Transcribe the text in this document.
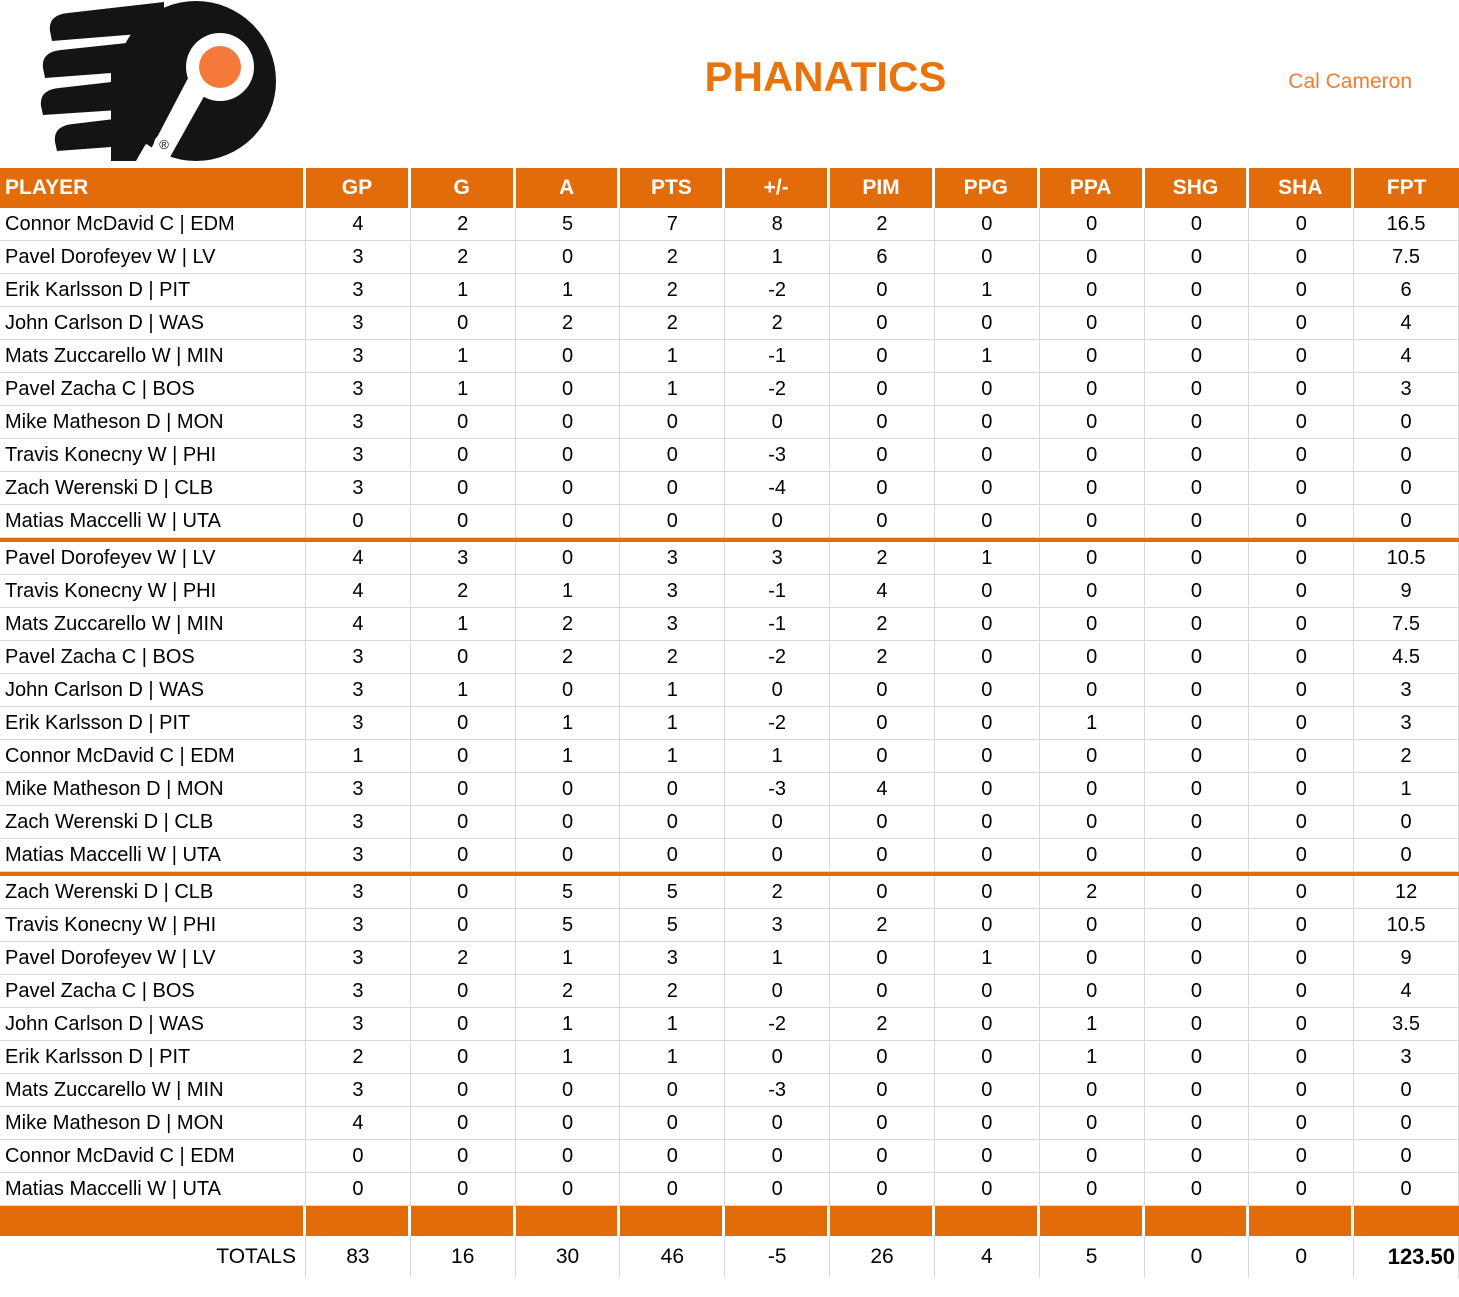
®
PHANATICS	Cal Cameron
PLAYER	GP	G	A	PTS	+/-	PIM	PPG	PPA	SHG	SHA	FPT
Connor McDavid C | EDM	4	2	5	7	8	2	0	0	0	0	16.5
Pavel Dorofeyev W | LV	3	2	0	2	1	6	0	0	0	0	7.5
Erik Karlsson D | PIT	3	1	1	2	-2	0	1	0	0	0	6
John Carlson D | WAS	3	0	2	2	2	0	0	0	0	0	4
Mats Zuccarello W | MIN	3	1	0	1	-1	0	1	0	0	0	4
Pavel Zacha C | BOS	3	1	0	1	-2	0	0	0	0	0	3
Mike Matheson D | MON	3	0	0	0	0	0	0	0	0	0	0
Travis Konecny W | PHI	3	0	0	0	-3	0	0	0	0	0	0
Zach Werenski D | CLB	3	0	0	0	-4	0	0	0	0	0	0
Matias Maccelli W | UTA	0	0	0	0	0	0	0	0	0	0	0
Pavel Dorofeyev W | LV	4	3	0	3	3	2	1	0	0	0	10.5
Travis Konecny W | PHI	4	2	1	3	-1	4	0	0	0	0	9
Mats Zuccarello W | MIN	4	1	2	3	-1	2	0	0	0	0	7.5
Pavel Zacha C | BOS	3	0	2	2	-2	2	0	0	0	0	4.5
John Carlson D | WAS	3	1	0	1	0	0	0	0	0	0	3
Erik Karlsson D | PIT	3	0	1	1	-2	0	0	1	0	0	3
Connor McDavid C | EDM	1	0	1	1	1	0	0	0	0	0	2
Mike Matheson D | MON	3	0	0	0	-3	4	0	0	0	0	1
Zach Werenski D | CLB	3	0	0	0	0	0	0	0	0	0	0
Matias Maccelli W | UTA	3	0	0	0	0	0	0	0	0	0	0
Zach Werenski D | CLB	3	0	5	5	2	0	0	2	0	0	12
Travis Konecny W | PHI	3	0	5	5	3	2	0	0	0	0	10.5
Pavel Dorofeyev W | LV	3	2	1	3	1	0	1	0	0	0	9
Pavel Zacha C | BOS	3	0	2	2	0	0	0	0	0	0	4
John Carlson D | WAS	3	0	1	1	-2	2	0	1	0	0	3.5
Erik Karlsson D | PIT	2	0	1	1	0	0	0	1	0	0	3
Mats Zuccarello W | MIN	3	0	0	0	-3	0	0	0	0	0	0
Mike Matheson D | MON	4	0	0	0	0	0	0	0	0	0	0
Connor McDavid C | EDM	0	0	0	0	0	0	0	0	0	0	0
Matias Maccelli W | UTA	0	0	0	0	0	0	0	0	0	0	0
TOTALS	83	16	30	46	-5	26	4	5	0	0	123.50
